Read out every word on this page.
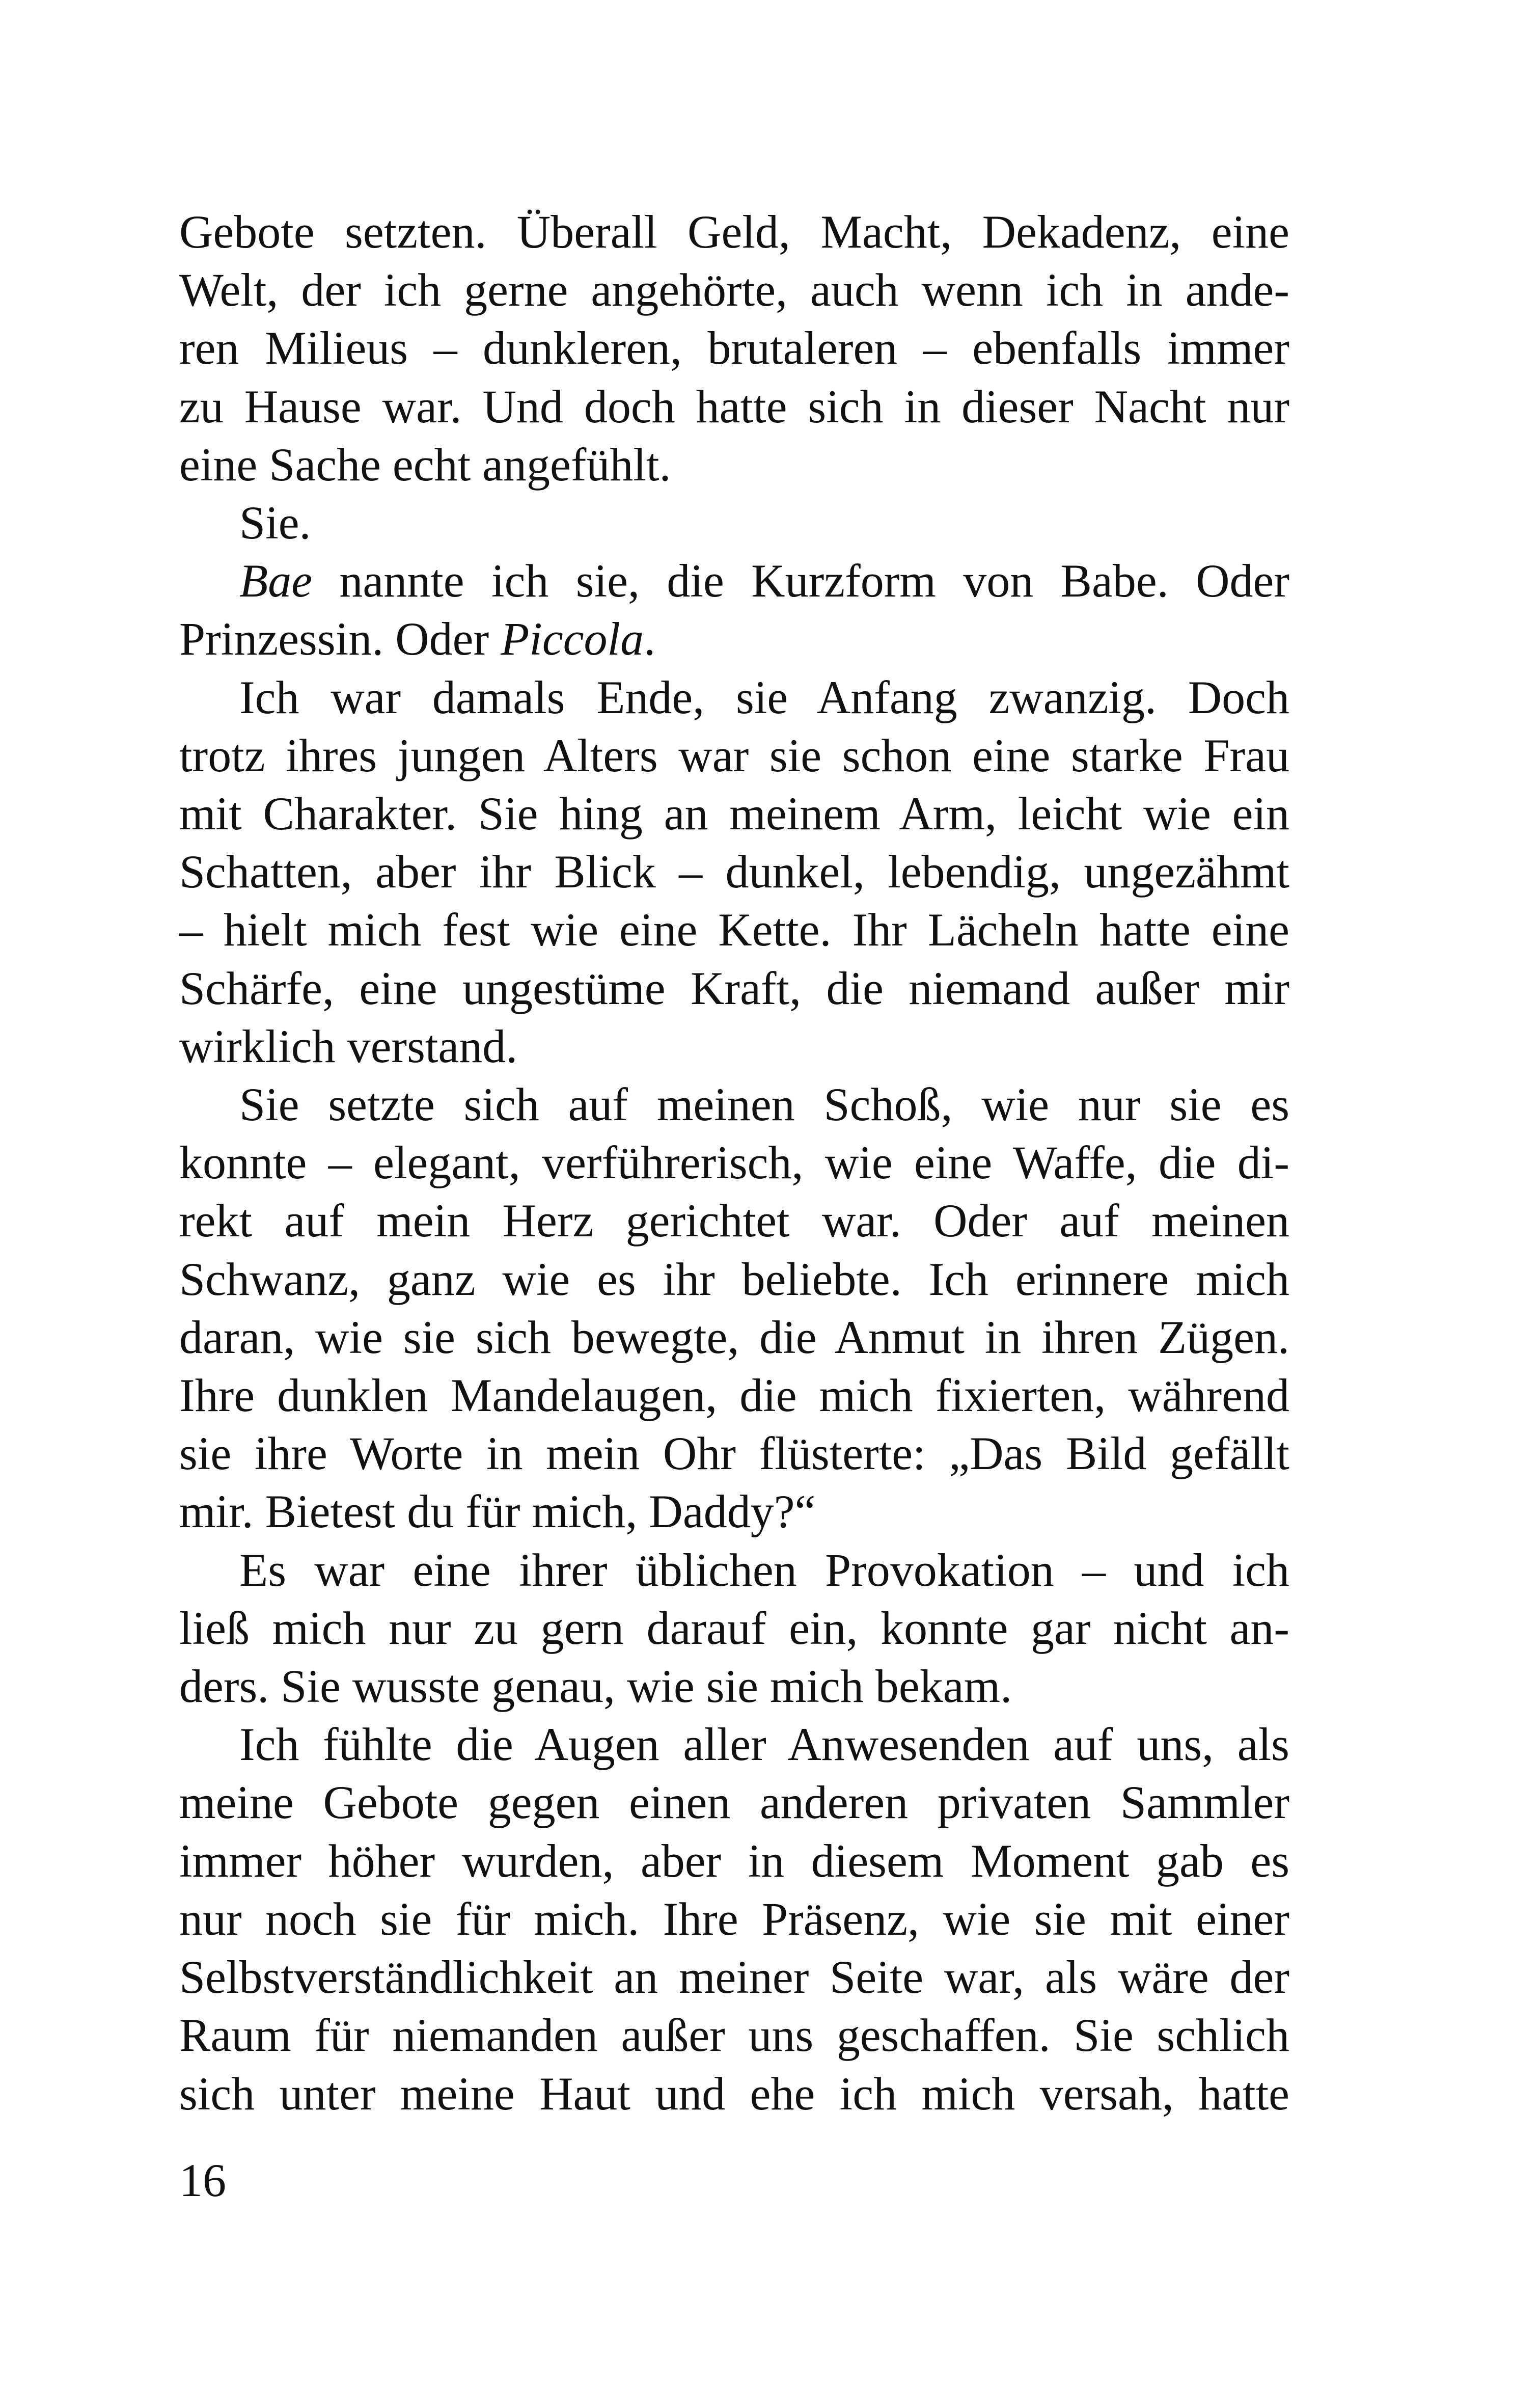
Gebote setzten. Überall Geld, Macht, Dekadenz, eine
Welt, der ich gerne angehörte, auch wenn ich in ande-
ren Milieus – dunkleren, brutaleren – ebenfalls immer
zu Hause war. Und doch hatte sich in dieser Nacht nur
eine Sache echt angefühlt.
Sie.
Bae nannte ich sie, die Kurzform von Babe. Oder
Prinzessin. Oder Piccola.
Ich war damals Ende, sie Anfang zwanzig. Doch
trotz ihres jungen Alters war sie schon eine starke Frau
mit Charakter. Sie hing an meinem Arm, leicht wie ein
Schatten, aber ihr Blick – dunkel, lebendig, ungezähmt
– hielt mich fest wie eine Kette. Ihr Lächeln hatte eine
Schärfe, eine ungestüme Kraft, die niemand außer mir
wirklich verstand.
Sie setzte sich auf meinen Schoß, wie nur sie es
konnte – elegant, verführerisch, wie eine Waffe, die di-
rekt auf mein Herz gerichtet war. Oder auf meinen
Schwanz, ganz wie es ihr beliebte. Ich erinnere mich
daran, wie sie sich bewegte, die Anmut in ihren Zügen.
Ihre dunklen Mandelaugen, die mich fixierten, während
sie ihre Worte in mein Ohr flüsterte: „Das Bild gefällt
mir. Bietest du für mich, Daddy?“
Es war eine ihrer üblichen Provokation – und ich
ließ mich nur zu gern darauf ein, konnte gar nicht an-
ders. Sie wusste genau, wie sie mich bekam.
Ich fühlte die Augen aller Anwesenden auf uns, als
meine Gebote gegen einen anderen privaten Sammler
immer höher wurden, aber in diesem Moment gab es
nur noch sie für mich. Ihre Präsenz, wie sie mit einer
Selbstverständlichkeit an meiner Seite war, als wäre der
Raum für niemanden außer uns geschaffen. Sie schlich
sich unter meine Haut und ehe ich mich versah, hatte
16
